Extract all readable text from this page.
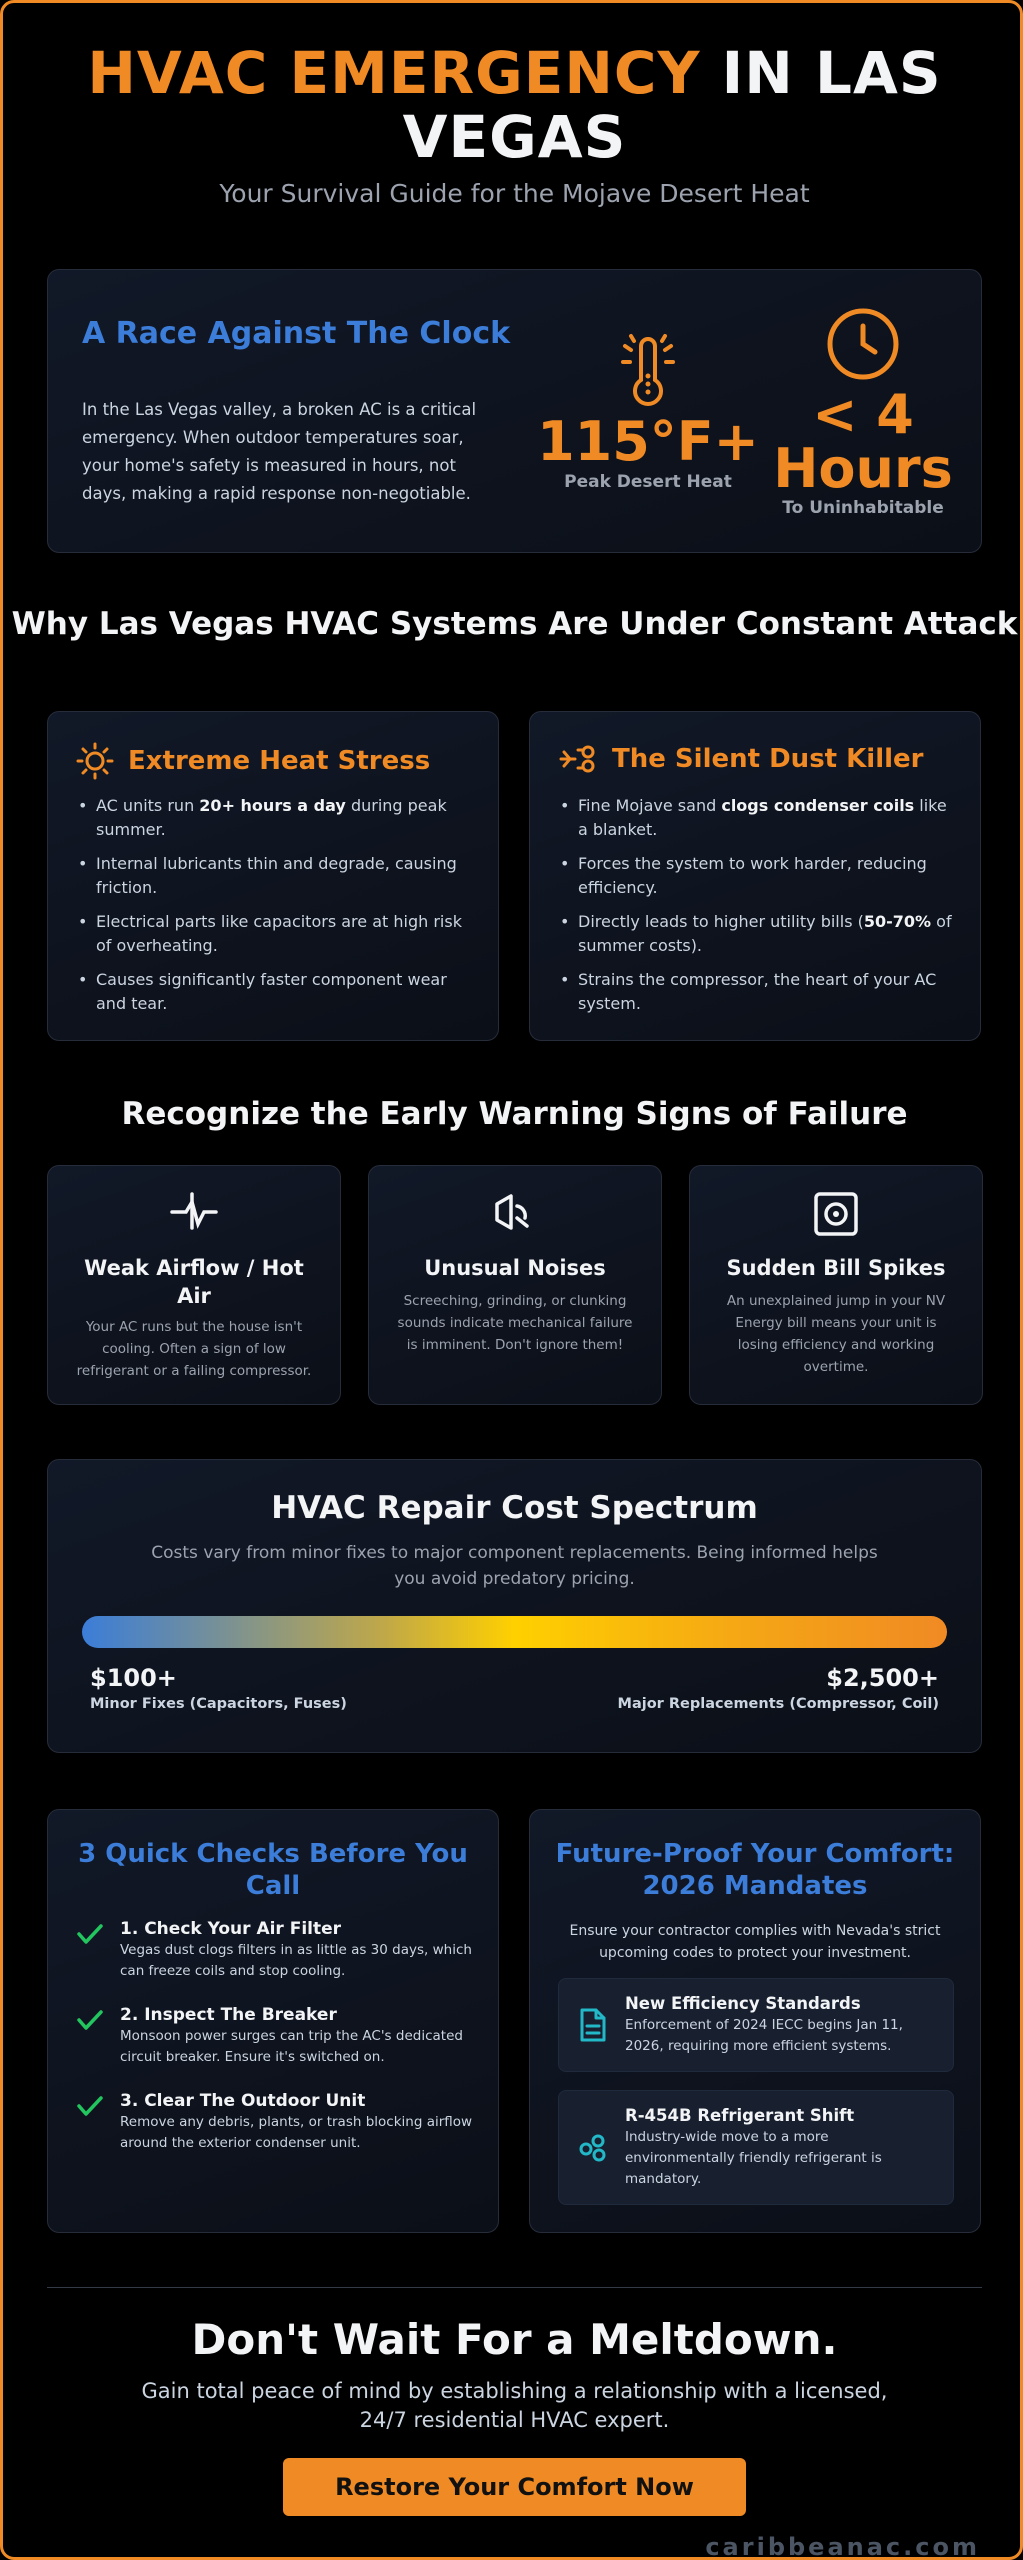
HVAC EMERGENCY IN LAS VEGAS
Your Survival Guide for the Mojave Desert Heat
A Race Against The Clock
In the Las Vegas valley, a broken AC is a critical emergency. When outdoor temperatures soar, your home's safety is measured in hours, not days, making a rapid response non-negotiable.
115°F+
Peak Desert Heat
< 4 Hours
To Uninhabitable
Why Las Vegas HVAC Systems Are Under Constant Attack
Extreme Heat Stress
• AC units run 20+ hours a day during peak summer.
• Internal lubricants thin and degrade, causing friction.
• Electrical parts like capacitors are at high risk of overheating.
• Causes significantly faster component wear and tear.
The Silent Dust Killer
• Fine Mojave sand clogs condenser coils like a blanket.
• Forces the system to work harder, reducing efficiency.
• Directly leads to higher utility bills (50-70% of summer costs).
• Strains the compressor, the heart of your AC system.
Recognize the Early Warning Signs of Failure
Weak Airflow / Hot Air
Your AC runs but the house isn't cooling. Often a sign of low refrigerant or a failing compressor.
Unusual Noises
Screeching, grinding, or clunking sounds indicate mechanical failure is imminent. Don't ignore them!
Sudden Bill Spikes
An unexplained jump in your NV Energy bill means your unit is losing efficiency and working overtime.
HVAC Repair Cost Spectrum
Costs vary from minor fixes to major component replacements. Being informed helps you avoid predatory pricing.
$100+
Minor Fixes (Capacitors, Fuses)
$2,500+
Major Replacements (Compressor, Coil)
3 Quick Checks Before You Call
1. Check Your Air Filter
Vegas dust clogs filters in as little as 30 days, which can freeze coils and stop cooling.
2. Inspect The Breaker
Monsoon power surges can trip the AC's dedicated circuit breaker. Ensure it's switched on.
3. Clear The Outdoor Unit
Remove any debris, plants, or trash blocking airflow around the exterior condenser unit.
Future-Proof Your Comfort: 2026 Mandates
Ensure your contractor complies with Nevada's strict upcoming codes to protect your investment.
New Efficiency Standards
Enforcement of 2024 IECC begins Jan 11, 2026, requiring more efficient systems.
R-454B Refrigerant Shift
Industry-wide move to a more environmentally friendly refrigerant is mandatory.
Don't Wait For a Meltdown.
Gain total peace of mind by establishing a relationship with a licensed, 24/7 residential HVAC expert.
Restore Your Comfort Now
caribbeanac.com
